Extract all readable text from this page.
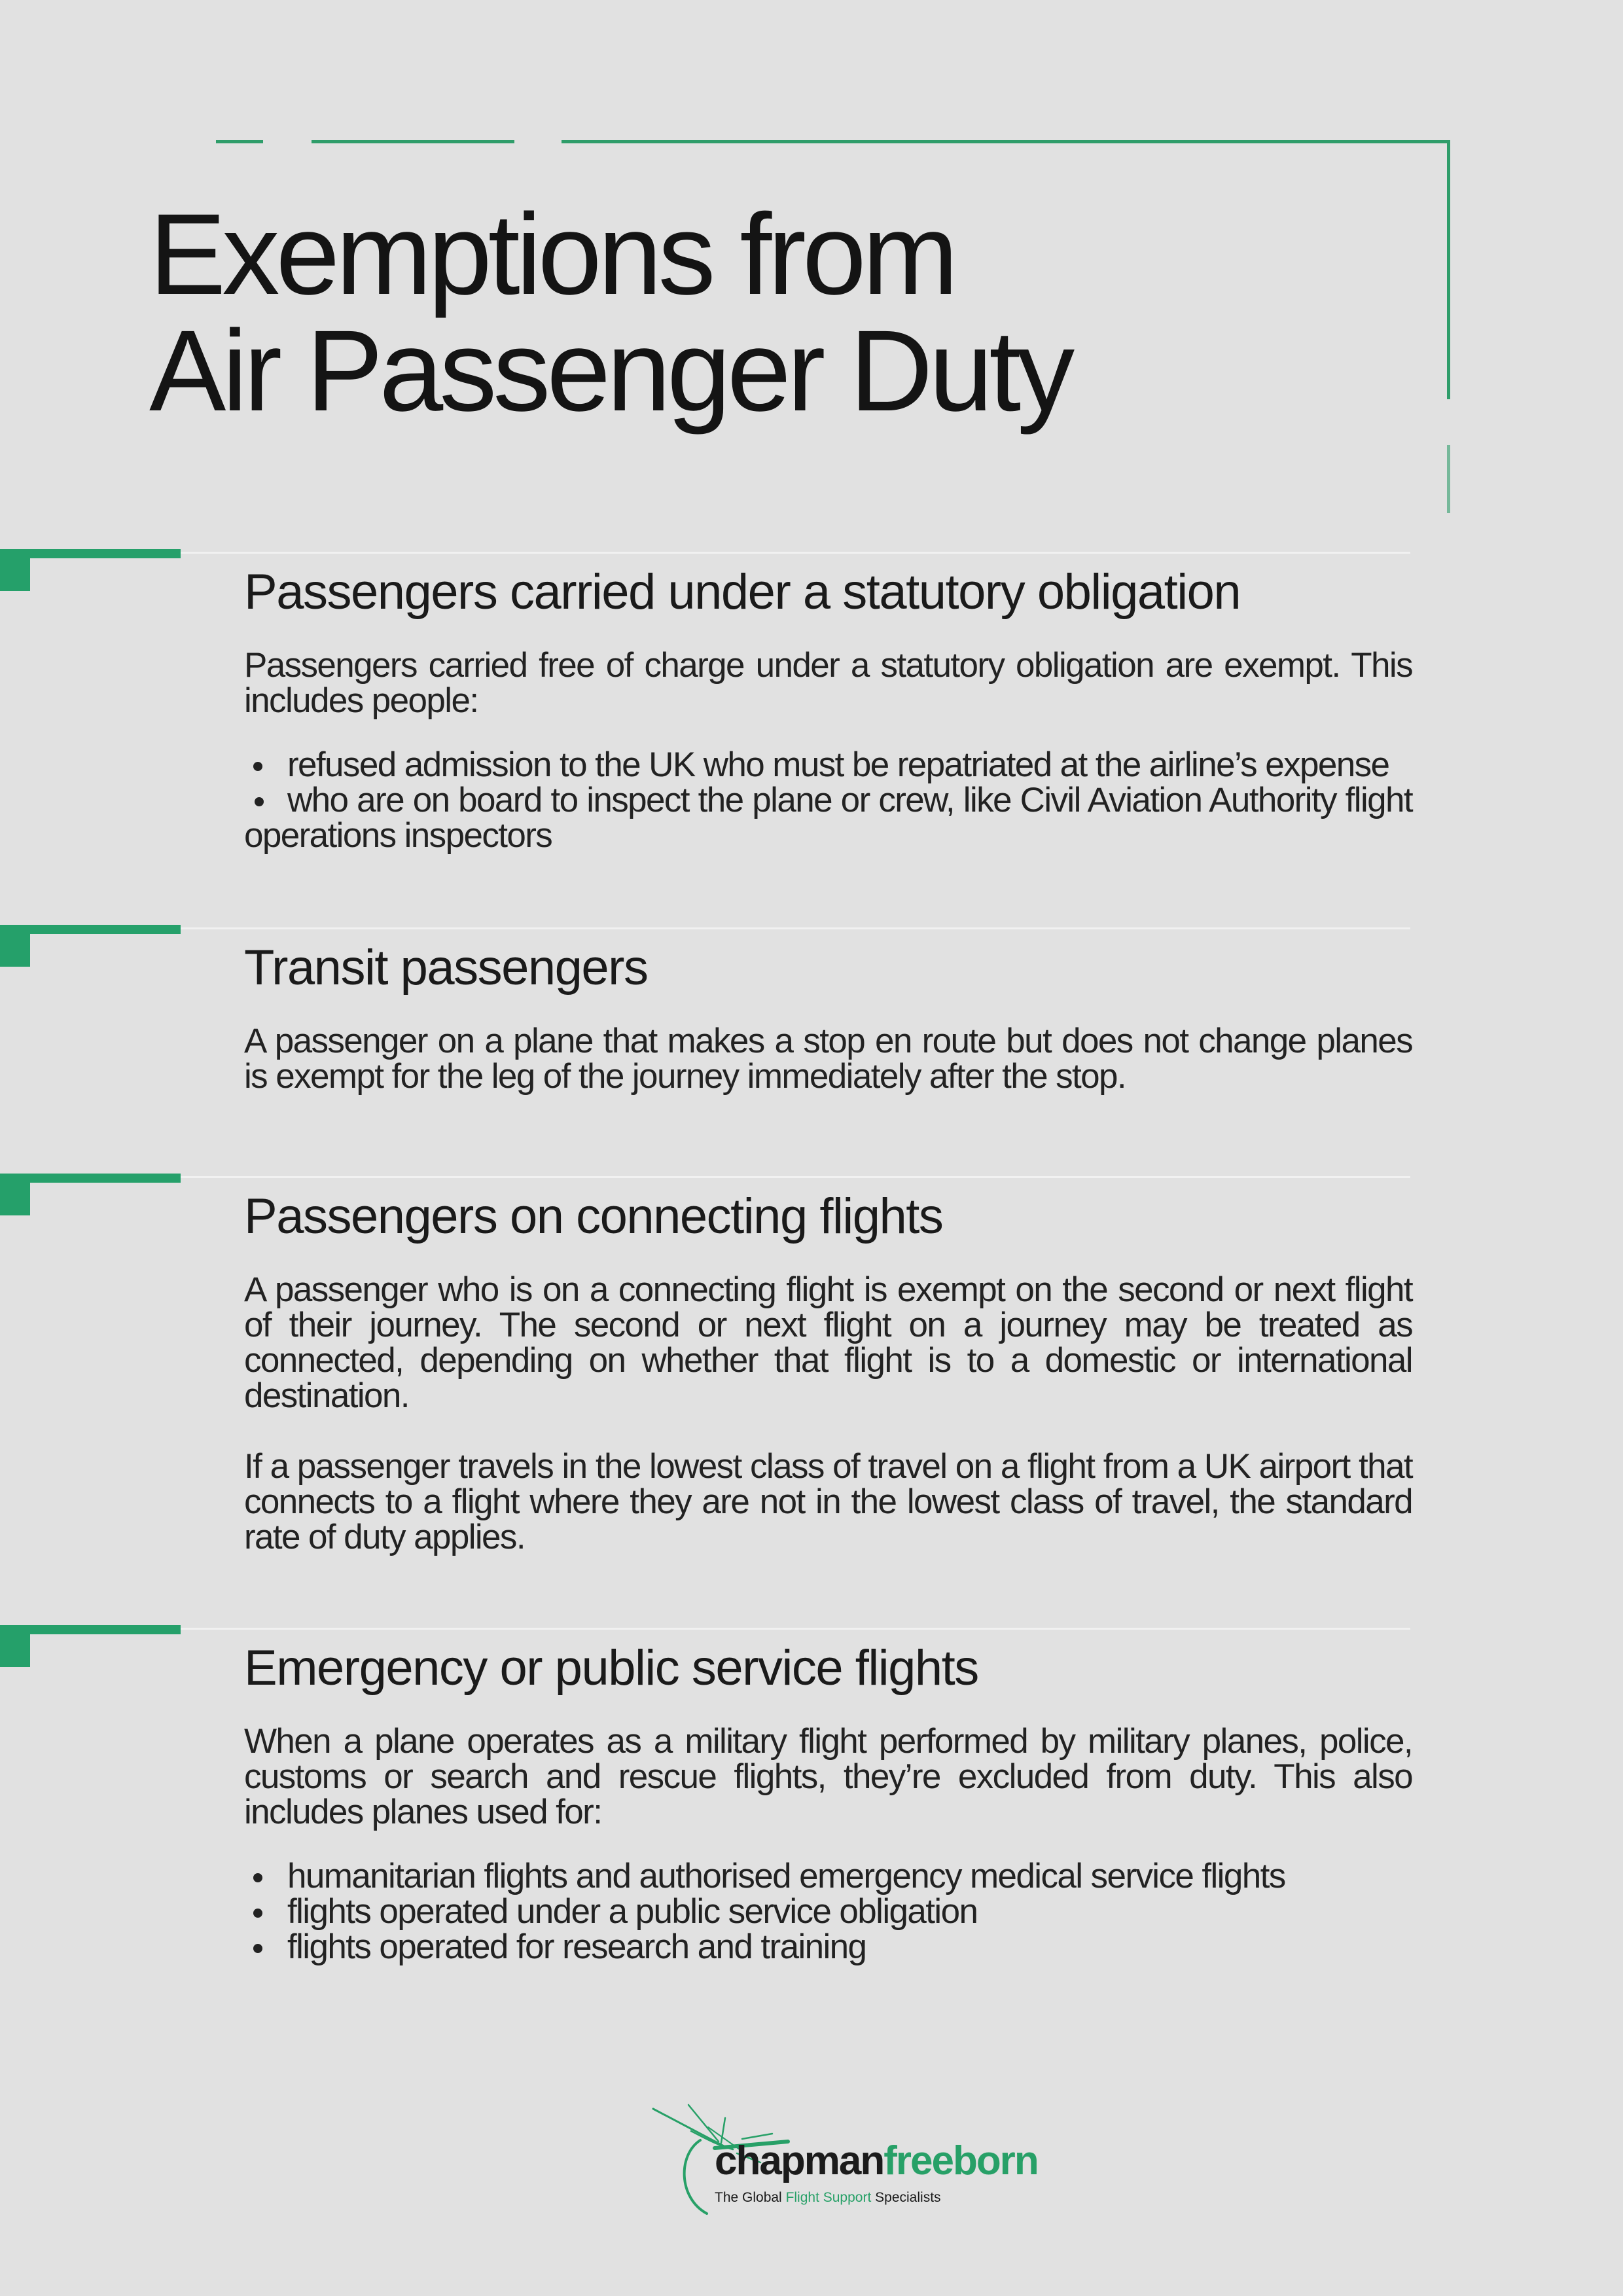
Exemptions from
Air Passenger Duty
Passengers carried under a statutory obligation

Passengers carried free of charge under a statutory obligation are exempt. This includes people:

refused admission to the UK who must be repatriated at the airline’s expense
who are on board to inspect the plane or crew, like Civil Aviation Authority flight operations inspectors
Transit passengers

A passenger on a plane that makes a stop en route but does not change planes is exempt for the leg of the journey immediately after the stop.

Passengers on connecting flights

A passenger who is on a connecting flight is exempt on the second or next flight of their journey. The second or next flight on a journey may be treated as connected, depending on whether that flight is to a domestic or international destination.

If a passenger travels in the lowest class of travel on a flight from a UK airport that connects to a flight where they are not in the lowest class of travel, the standard rate of duty applies.

Emergency or public service flights

When a plane operates as a military flight performed by military planes, police, customs or search and rescue flights, they’re excluded from duty. This also includes planes used for:

humanitarian flights and authorised emergency medical service flights
flights operated under a public service obligation
flights operated for research and training
chapmanfreeborn
The Global Flight Support Specialists
